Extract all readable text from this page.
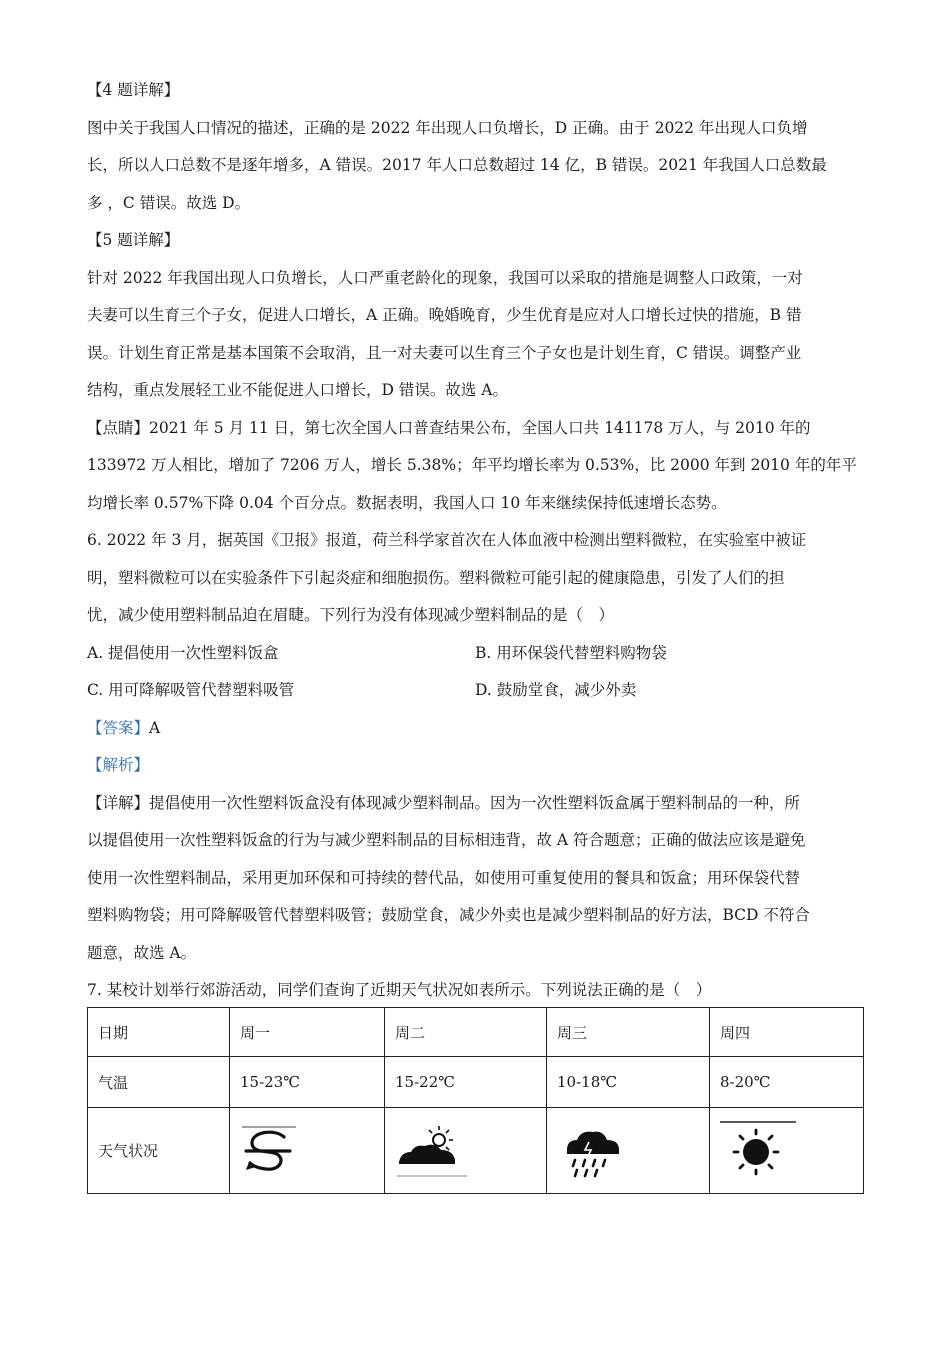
【4 题详解】
图中关于我国人口情况的描述，正确的是 2022 年出现人口负增长，D 正确。由于 2022 年出现人口负增
长，所以人口总数不是逐年增多，A 错误。2017 年人口总数超过 14 亿，B 错误。2021 年我国人口总数最
多 ，C 错误。故选 D。
【5 题详解】
针对 2022 年我国出现人口负增长，人口严重老龄化的现象，我国可以采取的措施是调整人口政策，一对
夫妻可以生育三个子女，促进人口增长，A 正确。晚婚晚育，少生优育是应对人口增长过快的措施，B 错
误。计划生育正常是基本国策不会取消，且一对夫妻可以生育三个子女也是计划生育，C 错误。调整产业
结构，重点发展轻工业不能促进人口增长，D 错误。故选 A。
【点睛】2021 年 5 月 11 日，第七次全国人口普查结果公布，全国人口共 141178 万人，与 2010 年的
133972 万人相比，增加了 7206 万人，增长 5.38%；年平均增长率为 0.53%，比 2000 年到 2010 年的年平
均增长率 0.57%下降 0.04 个百分点。数据表明，我国人口 10 年来继续保持低速增长态势。
6. 2022 年 3 月，据英国《卫报》报道，荷兰科学家首次在人体血液中检测出塑料微粒，在实验室中被证
明，塑料微粒可以在实验条件下引起炎症和细胞损伤。塑料微粒可能引起的健康隐患，引发了人们的担
忧，减少使用塑料制品迫在眉睫。下列行为没有体现减少塑料制品的是（　）
A. 提倡使用一次性塑料饭盒	B. 用环保袋代替塑料购物袋
C. 用可降解吸管代替塑料吸管	D. 鼓励堂食，减少外卖
【答案】A
【解析】
【详解】提倡使用一次性塑料饭盒没有体现减少塑料制品。因为一次性塑料饭盒属于塑料制品的一种，所
以提倡使用一次性塑料饭盒的行为与减少塑料制品的目标相违背，故 A 符合题意；正确的做法应该是避免
使用一次性塑料制品，采用更加环保和可持续的替代品，如使用可重复使用的餐具和饭盒；用环保袋代替
塑料购物袋；用可降解吸管代替塑料吸管；鼓励堂食，减少外卖也是减少塑料制品的好方法，BCD 不符合
题意，故选 A。
7. 某校计划举行郊游活动，同学们查询了近期天气状况如表所示。下列说法正确的是（　）
日期	周一	周二	周三	周四
气温	15-23℃	15-22℃	10-18℃	8-20℃
天气状况	
